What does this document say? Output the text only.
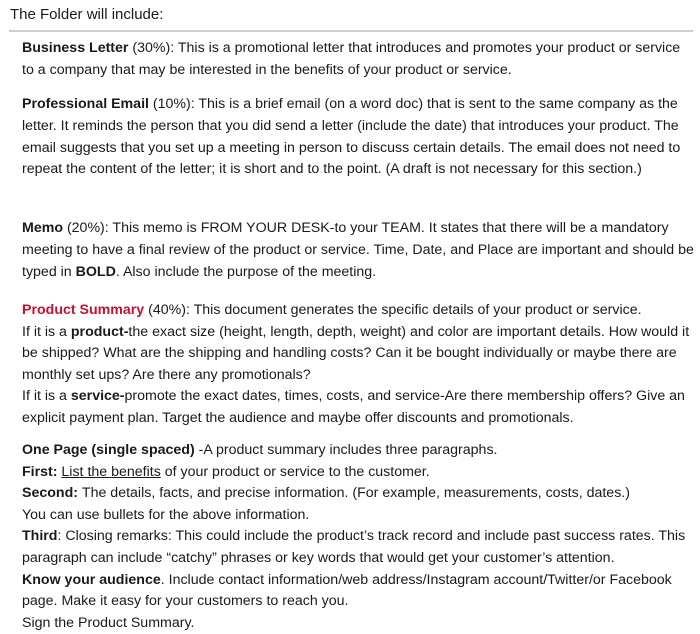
The Folder will include:

Business Letter (30%): This is a promotional letter that introduces and promotes your product or service to a company that may be interested in the benefits of your product or service.

Professional Email (10%): This is a brief email (on a word doc) that is sent to the same company as the letter. It reminds the person that you did send a letter (include the date) that introduces your product. The email suggests that you set up a meeting in person to discuss certain details. The email does not need to repeat the content of the letter; it is short and to the point. (A draft is not necessary for this section.)

Memo (20%): This memo is FROM YOUR DESK-to your TEAM. It states that there will be a mandatory meeting to have a final review of the product or service. Time, Date, and Place are important and should be typed in BOLD. Also include the purpose of the meeting.

Product Summary (40%): This document generates the specific details of your product or service.

If it is a product-the exact size (height, length, depth, weight) and color are important details. How would it be shipped? What are the shipping and handling costs? Can it be bought individually or maybe there are monthly set ups? Are there any promotionals?

If it is a service-promote the exact dates, times, costs, and service-Are there membership offers? Give an explicit payment plan. Target the audience and maybe offer discounts and promotionals.

One Page (single spaced) -A product summary includes three paragraphs.

First: List the benefits of your product or service to the customer.

Second: The details, facts, and precise information. (For example, measurements, costs, dates.)

You can use bullets for the above information.

Third: Closing remarks: This could include the product’s track record and include past success rates. This paragraph can include “catchy” phrases or key words that would get your customer’s attention.

Know your audience. Include contact information/web address/Instagram account/Twitter/or Facebook page. Make it easy for your customers to reach you.

Sign the Product Summary.
